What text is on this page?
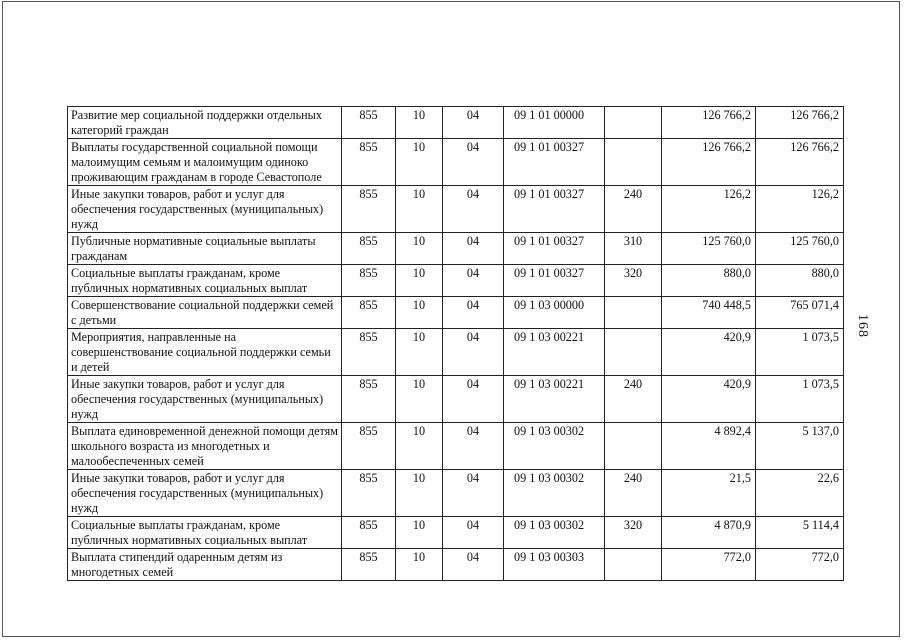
Развитие мер социальной поддержки отдельных категорий граждан	855	10	04	09 1 01 00000		126 766,2	126 766,2
Выплаты государственной социальной помощи малоимущим семьям и малоимущим одиноко проживающим гражданам в городе Севастополе	855	10	04	09 1 01 00327		126 766,2	126 766,2
Иные закупки товаров, работ и услуг для обеспечения государственных (муниципальных) нужд	855	10	04	09 1 01 00327	240	126,2	126,2
Публичные нормативные социальные выплаты гражданам	855	10	04	09 1 01 00327	310	125 760,0	125 760,0
Социальные выплаты гражданам, кроме публичных нормативных социальных выплат	855	10	04	09 1 01 00327	320	880,0	880,0
Совершенствование социальной поддержки семей с детьми	855	10	04	09 1 03 00000		740 448,5	765 071,4
Мероприятия, направленные на совершенствование социальной поддержки семьи и детей	855	10	04	09 1 03 00221		420,9	1 073,5
Иные закупки товаров, работ и услуг для обеспечения государственных (муниципальных) нужд	855	10	04	09 1 03 00221	240	420,9	1 073,5
Выплата единовременной денежной помощи детям школьного возраста из многодетных и малообеспеченных семей	855	10	04	09 1 03 00302		4 892,4	5 137,0
Иные закупки товаров, работ и услуг для обеспечения государственных (муниципальных) нужд	855	10	04	09 1 03 00302	240	21,5	22,6
Социальные выплаты гражданам, кроме публичных нормативных социальных выплат	855	10	04	09 1 03 00302	320	4 870,9	5 114,4
Выплата стипендий одаренным детям из многодетных семей	855	10	04	09 1 03 00303		772,0	772,0
168
